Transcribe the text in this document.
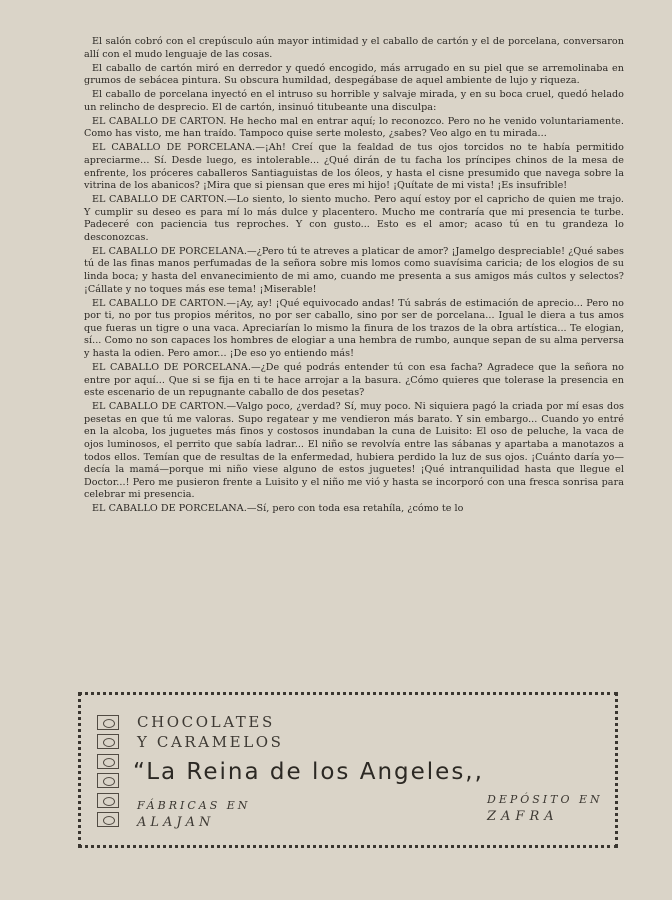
El salón cobró con el crepúsculo aún mayor intimidad y el caballo de cartón y el de porcelana, conversaron allí con el mudo lenguaje de las cosas.

El caballo de cartón miró en derredor y quedó encogido, más arrugado en su piel que se arremolinaba en grumos de sebácea pintura. Su obscura humildad, despegábase de aquel ambiente de lujo y riqueza.

El caballo de porcelana inyectó en el intruso su horrible y salvaje mirada, y en su boca cruel, quedó helado un relincho de desprecio. El de cartón, insinuó titubeante una disculpa:

EL CABALLO DE CARTON. He hecho mal en entrar aquí; lo reconozco. Pero no he venido voluntariamente. Como has visto, me han traído. Tampoco quise serte molesto, ¿sabes? Veo algo en tu mirada...

EL CABALLO DE PORCELANA.—¡Ah! Creí que la fealdad de tus ojos torcidos no te había permitido apreciarme... Sí. Desde luego, es intolerable... ¿Qué dirán de tu facha los príncipes chinos de la mesa de enfrente, los próceres caballeros Santiaguistas de los óleos, y hasta el cisne presumido que navega sobre la vitrina de los abanicos? ¡Mira que si piensan que eres mi hijo! ¡Quítate de mi vista! ¡Es insufrible!

EL CABALLO DE CARTON.—Lo siento, lo siento mucho. Pero aquí estoy por el capricho de quien me trajo. Y cumplir su deseo es para mí lo más dulce y placentero. Mucho me contraría que mi presencia te turbe. Padeceré con paciencia tus reproches. Y con gusto... Esto es el amor; acaso tú en tu grandeza lo desconozcas.

EL CABALLO DE PORCELANA.—¿Pero tú te atreves a platicar de amor? ¡Jamelgo despreciable! ¿Qué sabes tú de las finas manos perfumadas de la señora sobre mis lomos como suavísima caricia; de los elogios de su linda boca; y hasta del envanecimiento de mi amo, cuando me presenta a sus amigos más cultos y selectos? ¡Cállate y no toques más ese tema! ¡Miserable!

EL CABALLO DE CARTON.—¡Ay, ay! ¡Qué equivocado andas! Tú sabrás de estimación de aprecio... Pero no por ti, no por tus propios méritos, no por ser caballo, sino por ser de porcelana... Igual le diera a tus amos que fueras un tigre o una vaca. Apreciarían lo mismo la finura de los trazos de la obra artística... Te elogian, sí... Como no son capaces los hombres de elogiar a una hembra de rumbo, aunque sepan de su alma perversa y hasta la odien. Pero amor... ¡De eso yo entiendo más!

EL CABALLO DE PORCELANA.—¿De qué podrás entender tú con esa facha? Agradece que la señora no entre por aquí... Que si se fija en ti te hace arrojar a la basura. ¿Cómo quieres que tolerase la presencia en este escenario de un repugnante caballo de dos pesetas?

EL CABALLO DE CARTON.—Valgo poco, ¿verdad? Sí, muy poco. Ni siquiera pagó la criada por mí esas dos pesetas en que tú me valoras. Supo regatear y me vendieron más barato. Y sin embargo... Cuando yo entré en la alcoba, los juguetes más finos y costosos inundaban la cuna de Luisito: El oso de peluche, la vaca de ojos luminosos, el perrito que sabía ladrar... El niño se revolvía entre las sábanas y apartaba a manotazos a todos ellos. Temían que de resultas de la enfermedad, hubiera perdido la luz de sus ojos. ¡Cuánto daría yo—decía la mamá—porque mi niño viese alguno de estos juguetes! ¡Qué intranquilidad hasta que llegue el Doctor...! Pero me pusieron frente a Luisito y el niño me vió y hasta se incorporó con una fresca sonrisa para celebrar mi presencia.

EL CABALLO DE PORCELANA.—Sí, pero con toda esa retahíla, ¿cómo te lo

CHOCOLATES
Y CARAMELOS
“La Reina de los Angeles,,
FÁBRICAS EN
ALAJAN
DEPÓSITO EN
ZAFRA
